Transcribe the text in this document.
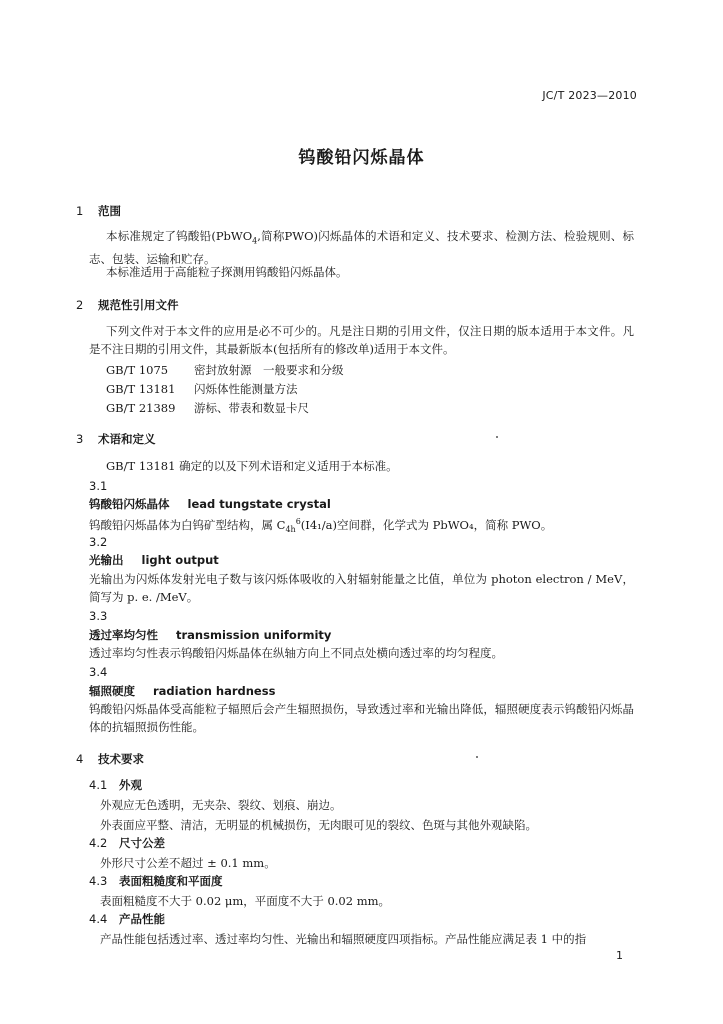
JC/T 2023—2010
钨酸铅闪烁晶体
1 范围
本标准规定了钨酸铅(PbWO$_4$,简称PWO)闪烁晶体的术语和定义、技术要求、检测方法、检验规则、标志、包装、运输和贮存。
本标准适用于高能粒子探测用钨酸铅闪烁晶体。
2 规范性引用文件
下列文件对于本文件的应用是必不可少的。凡是注日期的引用文件，仅注日期的版本适用于本文件。凡是不注日期的引用文件，其最新版本(包括所有的修改单)适用于本文件。
GB/T 1075 密封放射源　一般要求和分级
GB/T 13181 闪烁体性能测量方法
GB/T 21389 游标、带表和数显卡尺
3 术语和定义
GB/T 13181 确定的以及下列术语和定义适用于本标准。
3.1
钨酸铅闪烁晶体 lead tungstate crystal
钨酸铅闪烁晶体为白钨矿型结构，属 $C_{4h}^6(I4_1/a)$空间群，化学式为 PbWO₄，简称 PWO。
3.2
光输出 light output
光输出为闪烁体发射光电子数与该闪烁体吸收的入射辐射能量之比值，单位为 photon electron / MeV，简写为 p. e. /MeV。
3.3
透过率均匀性 transmission uniformity
透过率均匀性表示钨酸铅闪烁晶体在纵轴方向上不同点处横向透过率的均匀程度。
3.4
辐照硬度 radiation hardness
钨酸铅闪烁晶体受高能粒子辐照后会产生辐照损伤，导致透过率和光输出降低，辐照硬度表示钨酸铅闪烁晶体的抗辐照损伤性能。
4 技术要求
4.1 外观
外观应无色透明，无夹杂、裂纹、划痕、崩边。
外表面应平整、清洁，无明显的机械损伤，无肉眼可见的裂纹、色斑与其他外观缺陷。
4.2 尺寸公差
外形尺寸公差不超过 ± 0.1 mm。
4.3 表面粗糙度和平面度
表面粗糙度不大于 0.02 μm，平面度不大于 0.02 mm。
4.4 产品性能
产品性能包括透过率、透过率均匀性、光输出和辐照硬度四项指标。产品性能应满足表 1 中的指
1
